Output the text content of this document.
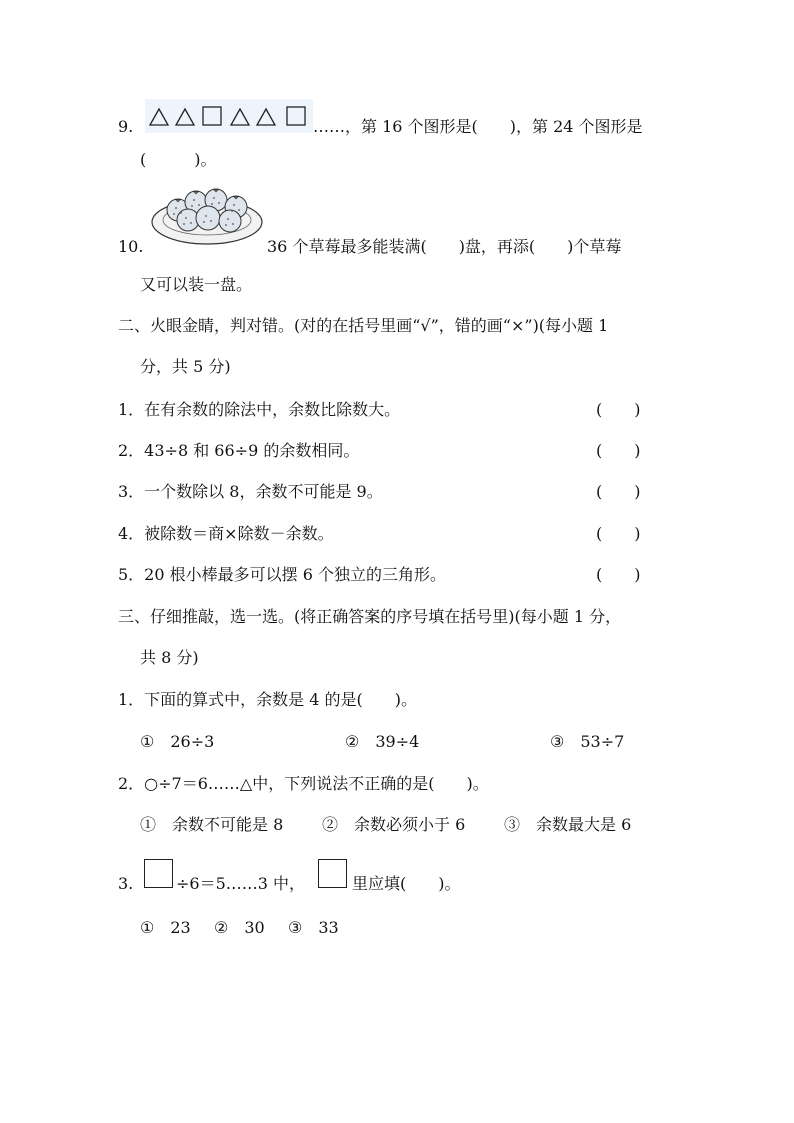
9.	……，第 16 个图形是(　　)，第 24 个图形是
(　　　)。
10.	36 个草莓最多能装满(　　)盘，再添(　　)个草莓
又可以装一盘。
二、火眼金睛，判对错。(对的在括号里画“√”，错的画“×”)(每小题 1
分，共 5 分)
1．在有余数的除法中，余数比除数大。	(　　)
2．43÷8 和 66÷9 的余数相同。	(　　)
3．一个数除以 8，余数不可能是 9。	(　　)
4．被除数＝商×除数－余数。	(　　)
5．20 根小棒最多可以摆 6 个独立的三角形。	(　　)
三、仔细推敲，选一选。(将正确答案的序号填在括号里)(每小题 1 分，
共 8 分)
1．下面的算式中，余数是 4 的是(　　)。
①　26÷3	②　39÷4	③　53÷7
2．○÷7＝6……△中，下列说法不正确的是(　　)。
①　余数不可能是 8 ②　余数必须小于 6 ③　余数最大是 6
3.	÷6＝5……3 中，	里应填(　　)。
①　23 ②　30 ③　33
